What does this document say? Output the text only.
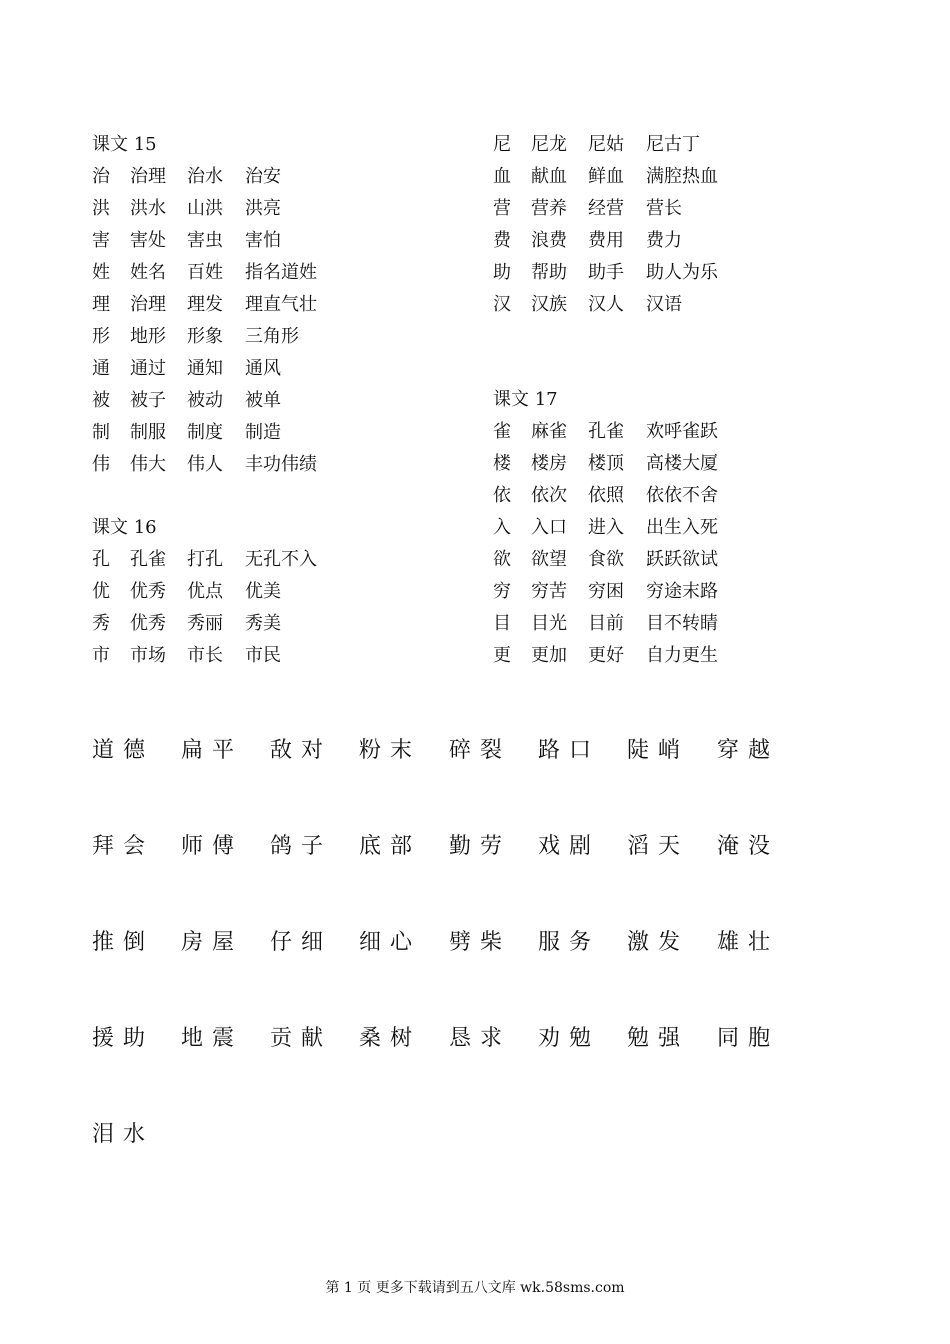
课文 15
治 治理 治水 治安
洪 洪水 山洪 洪亮
害 害处 害虫 害怕
姓 姓名 百姓 指名道姓
理 治理 理发 理直气壮
形 地形 形象 三角形
通 通过 通知 通风
被 被子 被动 被单
制 制服 制度 制造
伟 伟大 伟人 丰功伟绩
课文 16
孔 孔雀 打孔 无孔不入
优 优秀 优点 优美
秀 优秀 秀丽 秀美
市 市场 市长 市民
尼 尼龙 尼姑 尼古丁
血 献血 鲜血 满腔热血
营 营养 经营 营长
费 浪费 费用 费力
助 帮助 助手 助人为乐
汉 汉族 汉人 汉语
课文 17
雀 麻雀 孔雀 欢呼雀跃
楼 楼房 楼顶 高楼大厦
依 依次 依照 依依不舍
入 入口 进入 出生入死
欲 欲望 食欲 跃跃欲试
穷 穷苦 穷困 穷途末路
目 目光 目前 目不转睛
更 更加 更好 自力更生
道德 扁平 敌对 粉末 碎裂 路口 陡峭 穿越
拜会 师傅 鸽子 底部 勤劳 戏剧 滔天 淹没
推倒 房屋 仔细 细心 劈柴 服务 激发 雄壮
援助 地震 贡献 桑树 恳求 劝勉 勉强 同胞
泪水
第 1 页 更多下载请到五八文库 wk.58sms.com
